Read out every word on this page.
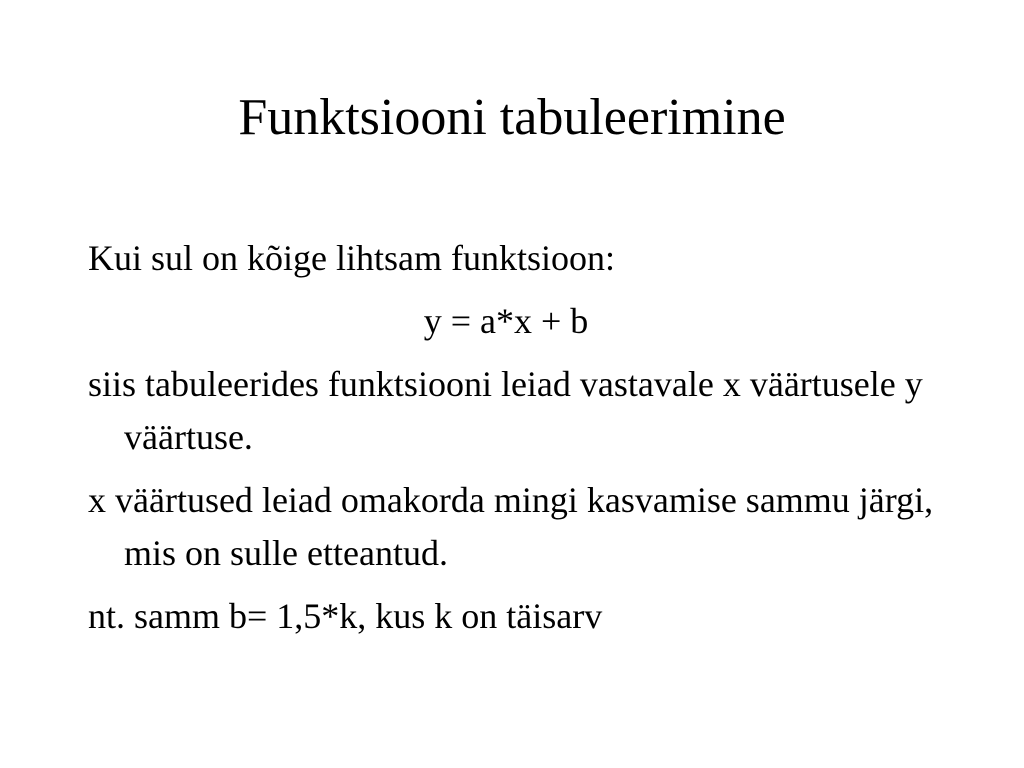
Funktsiooni tabuleerimine

Kui sul on kõige lihtsam funktsioon:

y = a*x + b

siis tabuleerides funktsiooni leiad vastavale x väärtusele y väärtuse.

x väärtused leiad omakorda mingi kasvamise sammu järgi, mis on sulle etteantud.

nt. samm b= 1,5*k, kus k on täisarv
